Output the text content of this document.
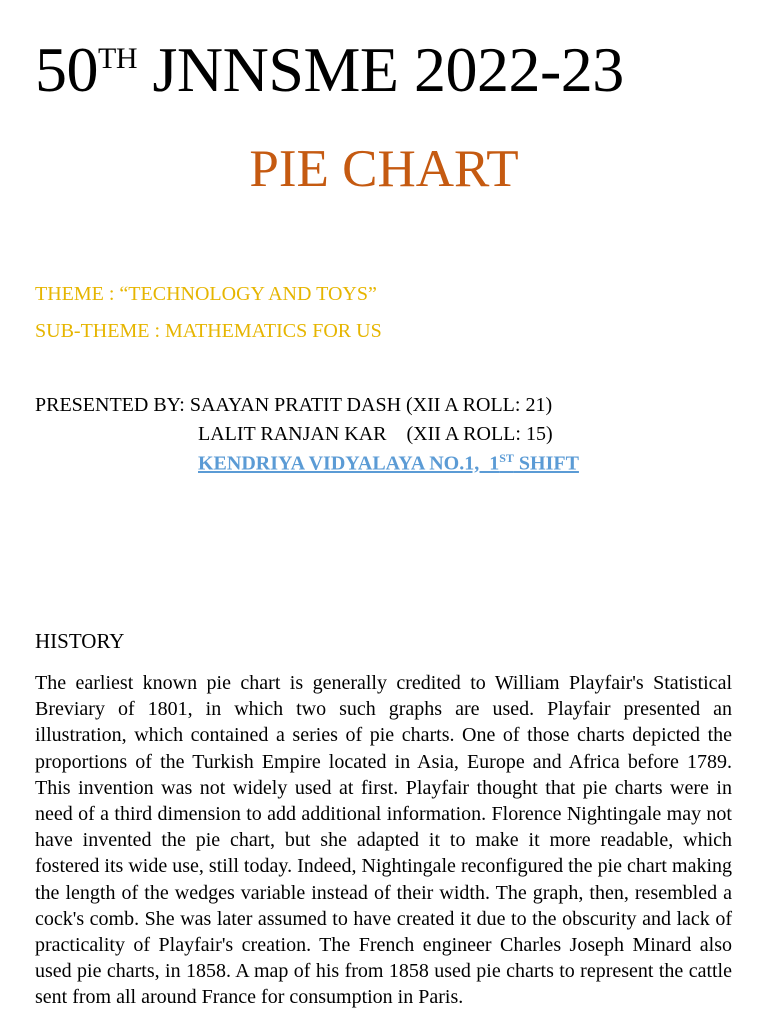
50TH JNNSME 2022-23
PIE CHART
THEME : “TECHNOLOGY AND TOYS”
SUB-THEME : MATHEMATICS FOR US
PRESENTED BY: SAAYAN PRATIT DASH (XII A ROLL: 21)
LALIT RANJAN KAR    (XII A ROLL: 15)
KENDRIYA VIDYALAYA NO.1,  1ST SHIFT
HISTORY
The earliest known pie chart is generally credited to William Playfair's Statistical Breviary of 1801, in which two such graphs are used. Playfair presented an illustration, which contained a series of pie charts. One of those charts depicted the proportions of the Turkish Empire located in Asia, Europe and Africa before 1789. This invention was not widely used at first. Playfair thought that pie charts were in need of a third dimension to add additional information. Florence Nightingale may not have invented the pie chart, but she adapted it to make it more readable, which fostered its wide use, still today. Indeed, Nightingale reconfigured the pie chart making the length of the wedges variable instead of their width. The graph, then, resembled a cock's comb. She was later assumed to have created it due to the obscurity and lack of practicality of Playfair's creation. The French engineer Charles Joseph Minard also used pie charts, in 1858. A map of his from 1858 used pie charts to represent the cattle sent from all around France for consumption in Paris.
